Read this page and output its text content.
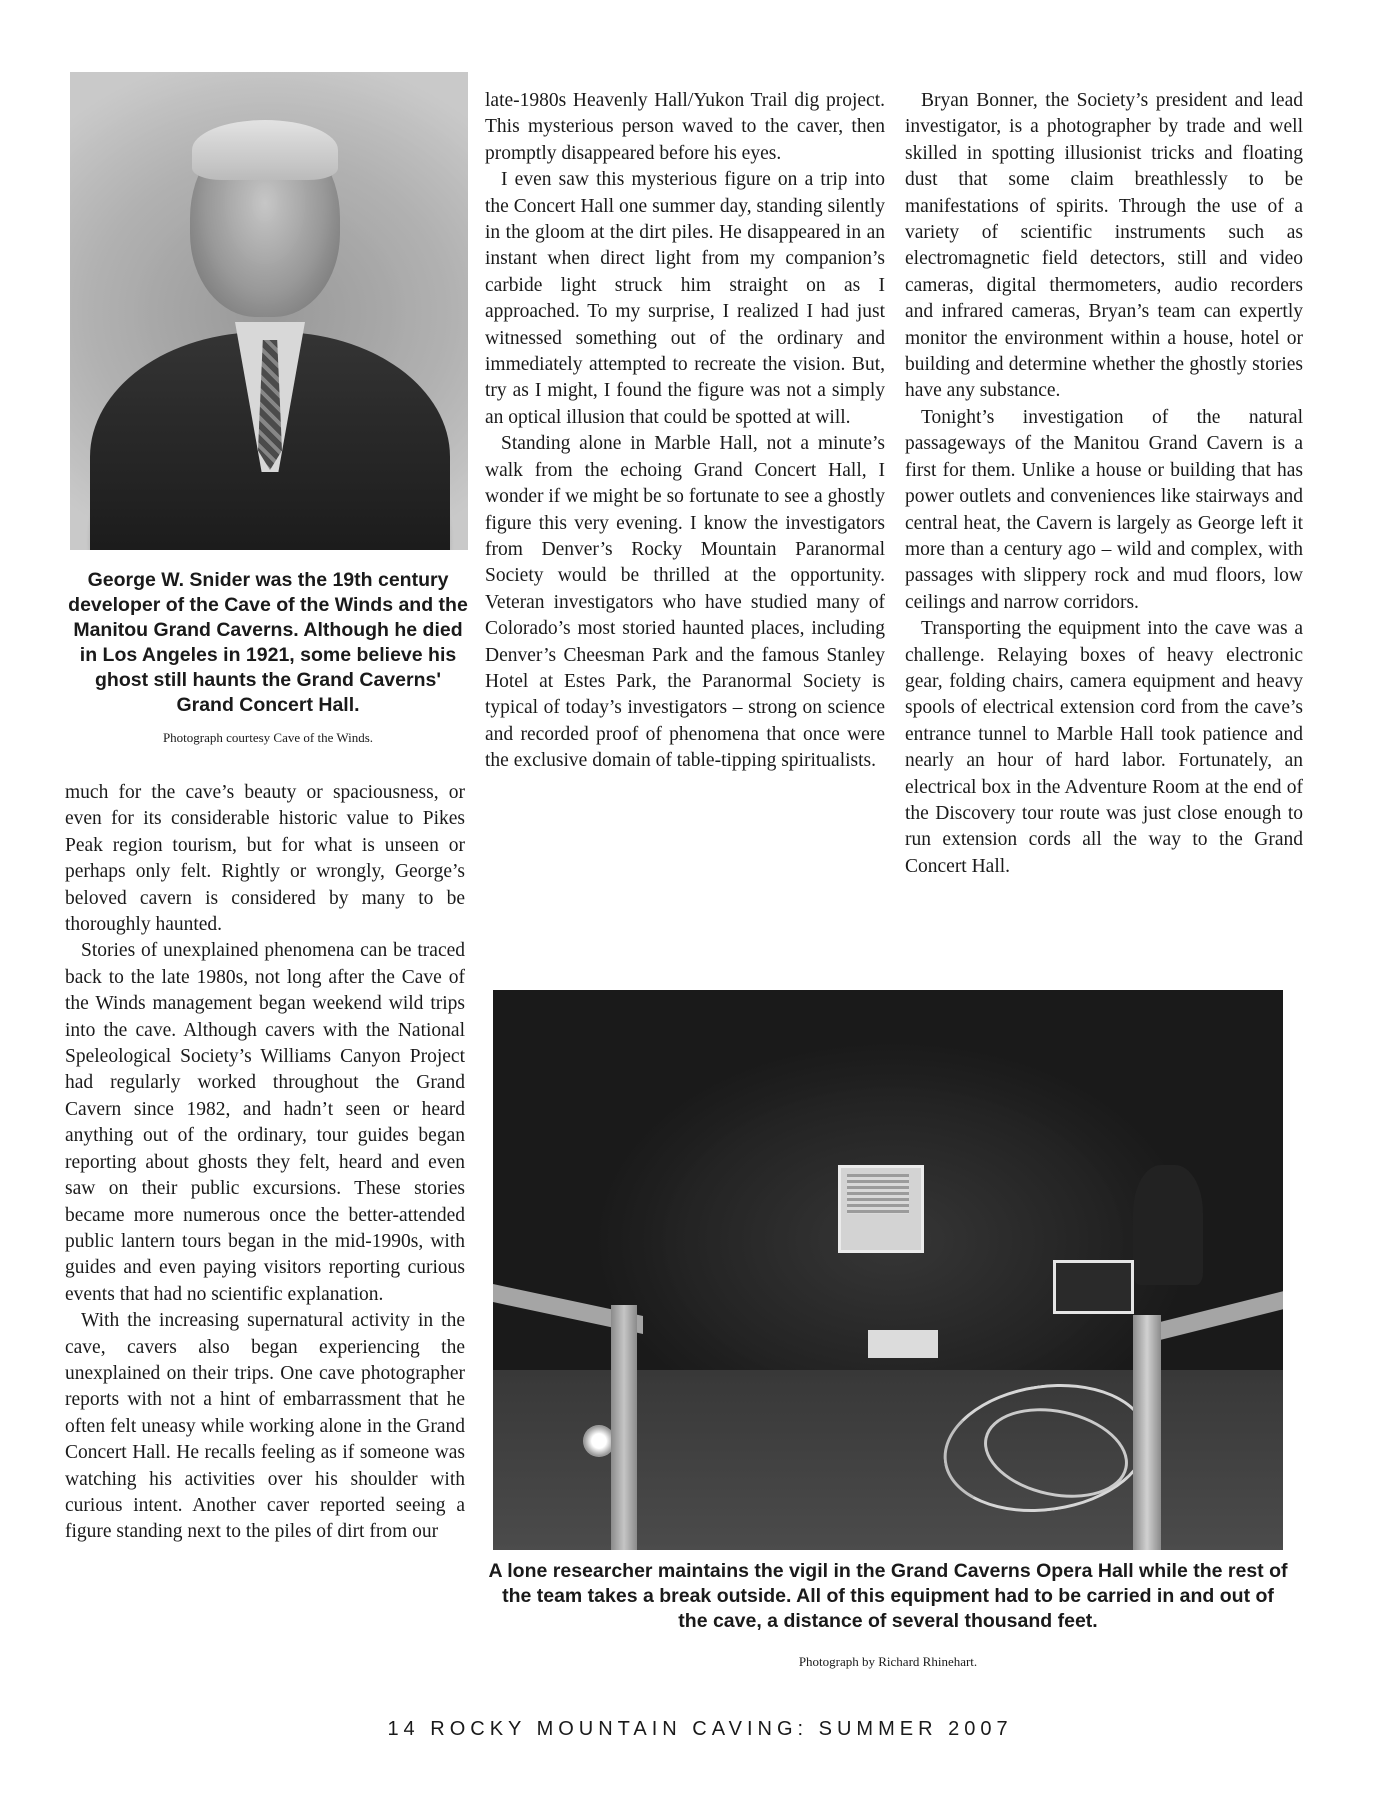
George W. Snider was the 19th century developer of the Cave of the Winds and the Manitou Grand Caverns. Although he died in Los Angeles in 1921, some believe his ghost still haunts the Grand Caverns' Grand Concert Hall.
Photograph courtesy Cave of the Winds.

much for the cave’s beauty or spaciousness, or even for its considerable historic value to Pikes Peak region tourism, but for what is unseen or perhaps only felt. Rightly or wrongly, George’s beloved cavern is considered by many to be thoroughly haunted.

Stories of unexplained phenomena can be traced back to the late 1980s, not long after the Cave of the Winds management began weekend wild trips into the cave. Although cavers with the National Speleological Society’s Williams Canyon Project had regularly worked throughout the Grand Cavern since 1982, and hadn’t seen or heard anything out of the ordinary, tour guides began reporting about ghosts they felt, heard and even saw on their public excursions. These stories became more numerous once the better-attended public lantern tours began in the mid-1990s, with guides and even paying visitors reporting curious events that had no scientific explanation.

With the increasing supernatural activity in the cave, cavers also began experiencing the unexplained on their trips. One cave photographer reports with not a hint of embarrassment that he often felt uneasy while working alone in the Grand Concert Hall. He recalls feeling as if someone was watching his activities over his shoulder with curious intent. Another caver reported seeing a figure standing next to the piles of dirt from our

late-1980s Heavenly Hall/Yukon Trail dig project. This mysterious person waved to the caver, then promptly disappeared before his eyes.

I even saw this mysterious figure on a trip into the Concert Hall one summer day, standing silently in the gloom at the dirt piles. He disappeared in an instant when direct light from my companion’s carbide light struck him straight on as I approached. To my surprise, I realized I had just witnessed something out of the ordinary and immediately attempted to recreate the vision. But, try as I might, I found the figure was not a simply an optical illusion that could be spotted at will.

Standing alone in Marble Hall, not a minute’s walk from the echoing Grand Concert Hall, I wonder if we might be so fortunate to see a ghostly figure this very evening. I know the investigators from Denver’s Rocky Mountain Paranormal Society would be thrilled at the opportunity. Veteran investigators who have studied many of Colorado’s most storied haunted places, including Denver’s Cheesman Park and the famous Stanley Hotel at Estes Park, the Paranormal Society is typical of today’s investigators – strong on science and recorded proof of phenomena that once were the exclusive domain of table-tipping spiritualists.

Bryan Bonner, the Society’s president and lead investigator, is a photographer by trade and well skilled in spotting illusionist tricks and floating dust that some claim breathlessly to be manifestations of spirits. Through the use of a variety of scientific instruments such as electromagnetic field detectors, still and video cameras, digital thermometers, audio recorders and infrared cameras, Bryan’s team can expertly monitor the environment within a house, hotel or building and determine whether the ghostly stories have any substance.

Tonight’s investigation of the natural passageways of the Manitou Grand Cavern is a first for them. Unlike a house or building that has power outlets and conveniences like stairways and central heat, the Cavern is largely as George left it more than a century ago – wild and complex, with passages with slippery rock and mud floors, low ceilings and narrow corridors.

Transporting the equipment into the cave was a challenge. Relaying boxes of heavy electronic gear, folding chairs, camera equipment and heavy spools of electrical extension cord from the cave’s entrance tunnel to Marble Hall took patience and nearly an hour of hard labor. Fortunately, an electrical box in the Adventure Room at the end of the Discovery tour route was just close enough to run extension cords all the way to the Grand Concert Hall.

A lone researcher maintains the vigil in the Grand Caverns Opera Hall while the rest of the team takes a break outside. All of this equipment had to be carried in and out of the cave, a distance of several thousand feet.
Photograph by Richard Rhinehart.
14 ROCKY MOUNTAIN CAVING: SUMMER 2007
